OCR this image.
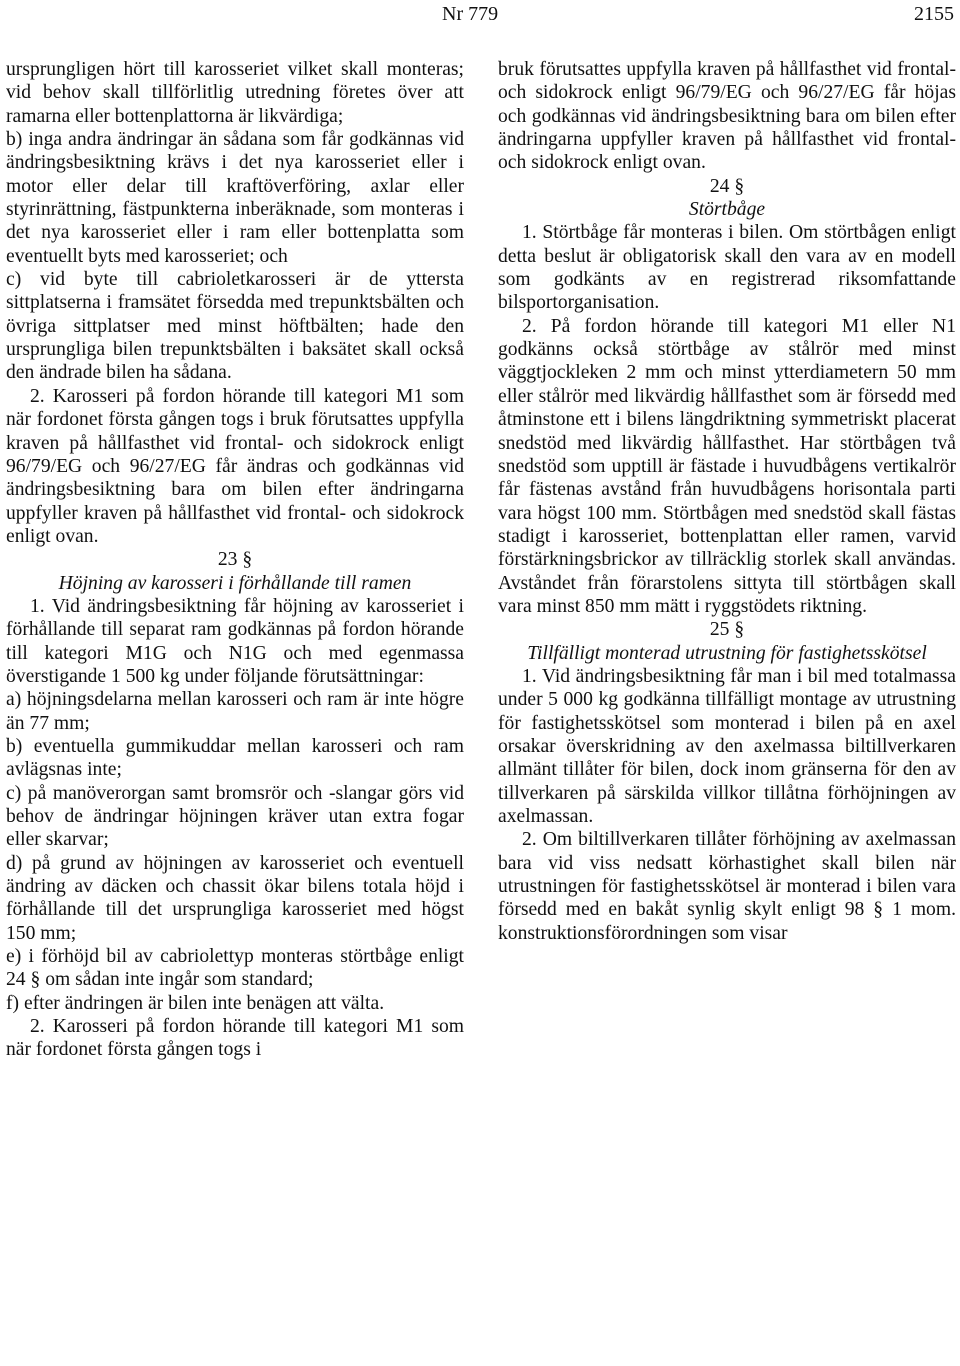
Nr 779	2155

ursprungligen hört till karosseriet vilket skall monteras; vid behov skall tillförlitlig utredning företes över att ramarna eller bottenplattorna är likvärdiga;

b) inga andra ändringar än sådana som får godkännas vid ändringsbesiktning krävs i det nya karosseriet eller i motor eller delar till kraftöverföring, axlar eller styrinrättning, fästpunkterna inberäknade, som monteras i det nya karosseriet eller i ram eller bottenplatta som eventuellt byts med karosseriet; och

c) vid byte till cabrioletkarosseri är de yttersta sittplatserna i framsätet försedda med trepunktsbälten och övriga sittplatser med minst höftbälten; hade den ursprungliga bilen trepunktsbälten i baksätet skall också den ändrade bilen ha sådana.

2. Karosseri på fordon hörande till kategori M1 som när fordonet första gången togs i bruk förutsattes uppfylla kraven på hållfasthet vid frontal- och sidokrock enligt 96/79/EG och 96/27/EG får ändras och godkännas vid ändringsbesiktning bara om bilen efter ändringarna uppfyller kraven på hållfasthet vid frontal- och sidokrock enligt ovan.

23 §

Höjning av karosseri i förhållande till ramen

1. Vid ändringsbesiktning får höjning av karosseriet i förhållande till separat ram godkännas på fordon hörande till kategori M1G och N1G och med egenmassa överstigande 1 500 kg under följande förutsättningar:

a) höjningsdelarna mellan karosseri och ram är inte högre än 77 mm;

b) eventuella gummikuddar mellan karosseri och ram avlägsnas inte;

c) på manöverorgan samt bromsrör och -slangar görs vid behov de ändringar höjningen kräver utan extra fogar eller skarvar;

d) på grund av höjningen av karosseriet och eventuell ändring av däcken och chassit ökar bilens totala höjd i förhållande till det ursprungliga karosseriet med högst 150 mm;

e) i förhöjd bil av cabriolettyp monteras störtbåge enligt 24 § om sådan inte ingår som standard;

f) efter ändringen är bilen inte benägen att välta.

2. Karosseri på fordon hörande till kategori M1 som när fordonet första gången togs i

bruk förutsattes uppfylla kraven på hållfasthet vid frontal- och sidokrock enligt 96/79/EG och 96/27/EG får höjas och godkännas vid ändringsbesiktning bara om bilen efter ändringarna uppfyller kraven på hållfasthet vid frontal- och sidokrock enligt ovan.

24 §

Störtbåge

1. Störtbåge får monteras i bilen. Om störtbågen enligt detta beslut är obligatorisk skall den vara av en modell som godkänts av en registrerad riksomfattande bilsportorganisation.

2. På fordon hörande till kategori M1 eller N1 godkänns också störtbåge av stålrör med minst väggtjockleken 2 mm och minst ytterdiametern 50 mm eller stålrör med likvärdig hållfasthet som är försedd med åtminstone ett i bilens längdriktning symmetriskt placerat snedstöd med likvärdig hållfasthet. Har störtbågen två snedstöd som upptill är fästade i huvudbågens vertikalrör får fästenas avstånd från huvudbågens horisontala parti vara högst 100 mm. Störtbågen med snedstöd skall fästas stadigt i karosseriet, bottenplattan eller ramen, varvid förstärkningsbrickor av tillräcklig storlek skall användas. Avståndet från förarstolens sittyta till störtbågen skall vara minst 850 mm mätt i ryggstödets riktning.

25 §

Tillfälligt monterad utrustning för fastighetsskötsel

1. Vid ändringsbesiktning får man i bil med totalmassa under 5 000 kg godkänna tillfälligt montage av utrustning för fastighetsskötsel som monterad i bilen på en axel orsakar överskridning av den axelmassa biltillverkaren allmänt tillåter för bilen, dock inom gränserna för den av tillverkaren på särskilda villkor tillåtna förhöjningen av axelmassan.

2. Om biltillverkaren tillåter förhöjning av axelmassan bara vid viss nedsatt körhastighet skall bilen när utrustningen för fastighetsskötsel är monterad i bilen vara försedd med en bakåt synlig skylt enligt 98 § 1 mom. konstruktionsförordningen som visar
